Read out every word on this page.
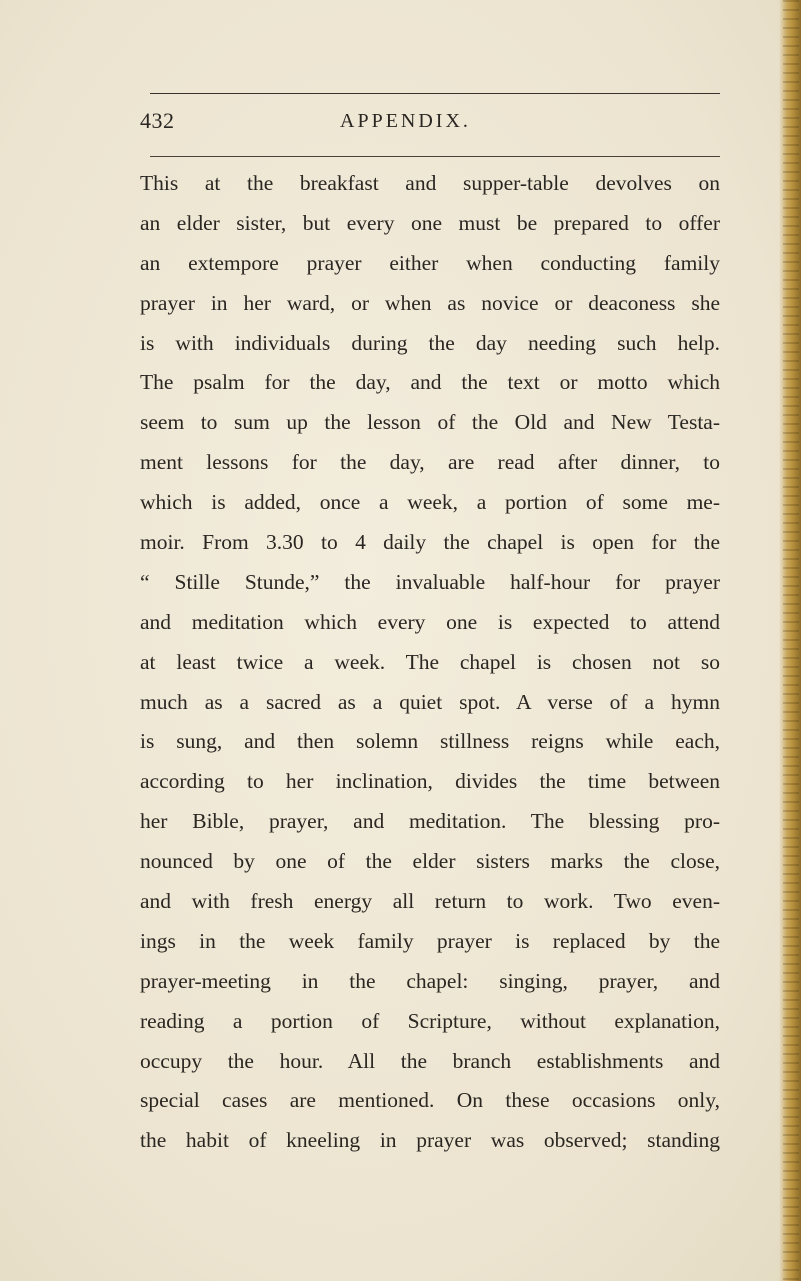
432	APPENDIX.
This at the breakfast and supper-table devolves on
an elder sister, but every one must be prepared to offer
an extempore prayer either when conducting family
prayer in her ward, or when as novice or deaconess she
is with individuals during the day needing such help.
The psalm for the day, and the text or motto which
seem to sum up the lesson of the Old and New Testa-
ment lessons for the day, are read after dinner, to
which is added, once a week, a portion of some me-
moir. From 3.30 to 4 daily the chapel is open for the
“ Stille Stunde,” the invaluable half-hour for prayer
and meditation which every one is expected to attend
at least twice a week. The chapel is chosen not so
much as a sacred as a quiet spot. A verse of a hymn
is sung, and then solemn stillness reigns while each,
according to her inclination, divides the time between
her Bible, prayer, and meditation. The blessing pro-
nounced by one of the elder sisters marks the close,
and with fresh energy all return to work. Two even-
ings in the week family prayer is replaced by the
prayer-meeting in the chapel: singing, prayer, and
reading a portion of Scripture, without explanation,
occupy the hour. All the branch establishments and
special cases are mentioned. On these occasions only,
the habit of kneeling in prayer was observed; standing
